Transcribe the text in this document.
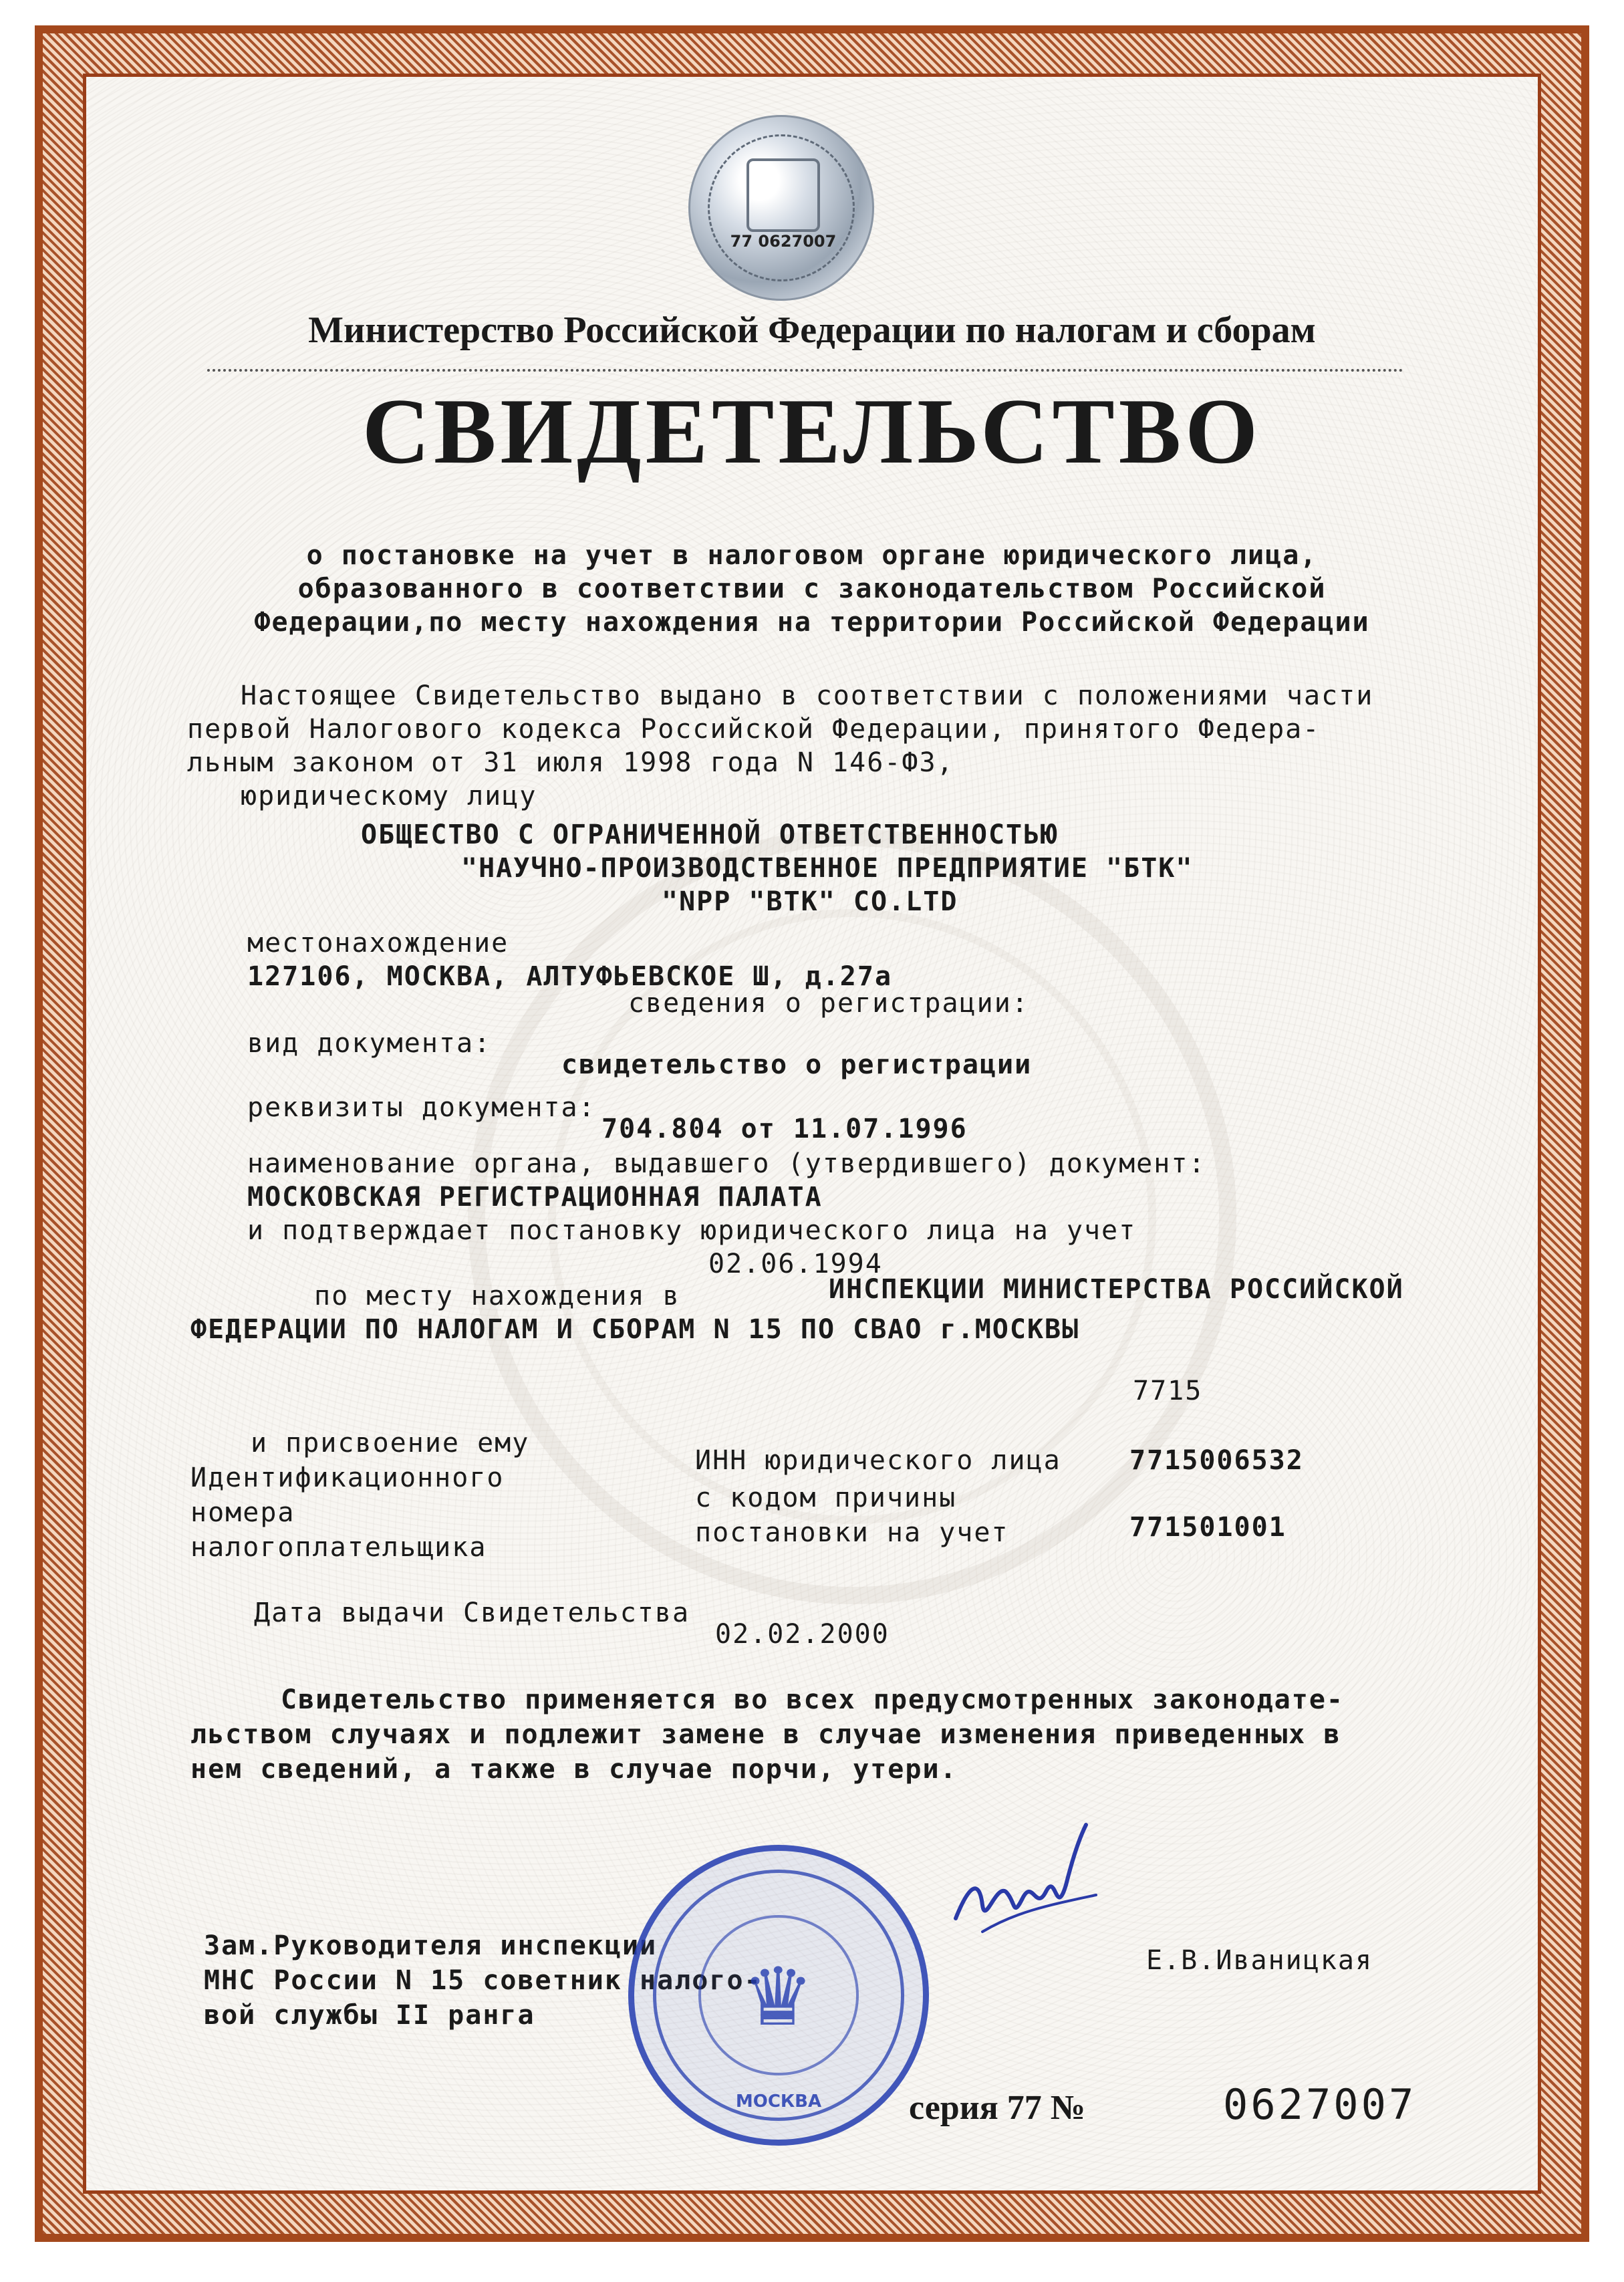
77 0627007
Министерство Российской Федерации по налогам и сборам
СВИДЕТЕЛЬСТВО
о постановке на учет в налоговом органе юридического лица,
образованного в соответствии с законодательством Российской
Федерации,по месту нахождения на территории Российской Федерации
Настоящее Свидетельство выдано в соответствии с положениями части
первой Налогового кодекса Российской Федерации, принятого Федера-
льным законом от 31 июля 1998 года N 146-ФЗ,
юридическому лицу
ОБЩЕСТВО С ОГРАНИЧЕННОЙ ОТВЕТСТВЕННОСТЬЮ
"НАУЧНО-ПРОИЗВОДСТВЕННОЕ ПРЕДПРИЯТИЕ "БТК"
"NPP "BTK" CO.LTD
местонахождение
127106, МОСКВА, АЛТУФЬЕВСКОЕ Ш, д.27а
сведения о регистрации:
вид документа:
свидетельство о регистрации
реквизиты документа:
704.804 от 11.07.1996
наименование органа, выдавшего (утвердившего) документ:
МОСКОВСКАЯ РЕГИСТРАЦИОННАЯ ПАЛАТА
и подтверждает постановку юридического лица на учет
02.06.1994
по месту нахождения в	ИНСПЕКЦИИ МИНИСТЕРСТВА РОССИЙСКОЙ
ФЕДЕРАЦИИ ПО НАЛОГАМ И СБОРАМ N 15 ПО СВАО г.МОСКВЫ
7715
и присвоение ему
Идентификационного
номера
налогоплательщика
ИНН юридического лица	7715006532
с кодом причины
постановки на учет	771501001
Дата выдачи Свидетельства
02.02.2000
Свидетельство применяется во всех предусмотренных законодате-
льством случаях и подлежит замене в случае изменения приведенных в
нем сведений, а также в случае порчи, утери.
Зам.Руководителя инспекции
МНС России N 15 советник налого-
вой службы II ранга
Е.В.Иваницкая
♛
МОСКВА	серия 77 №	0627007
